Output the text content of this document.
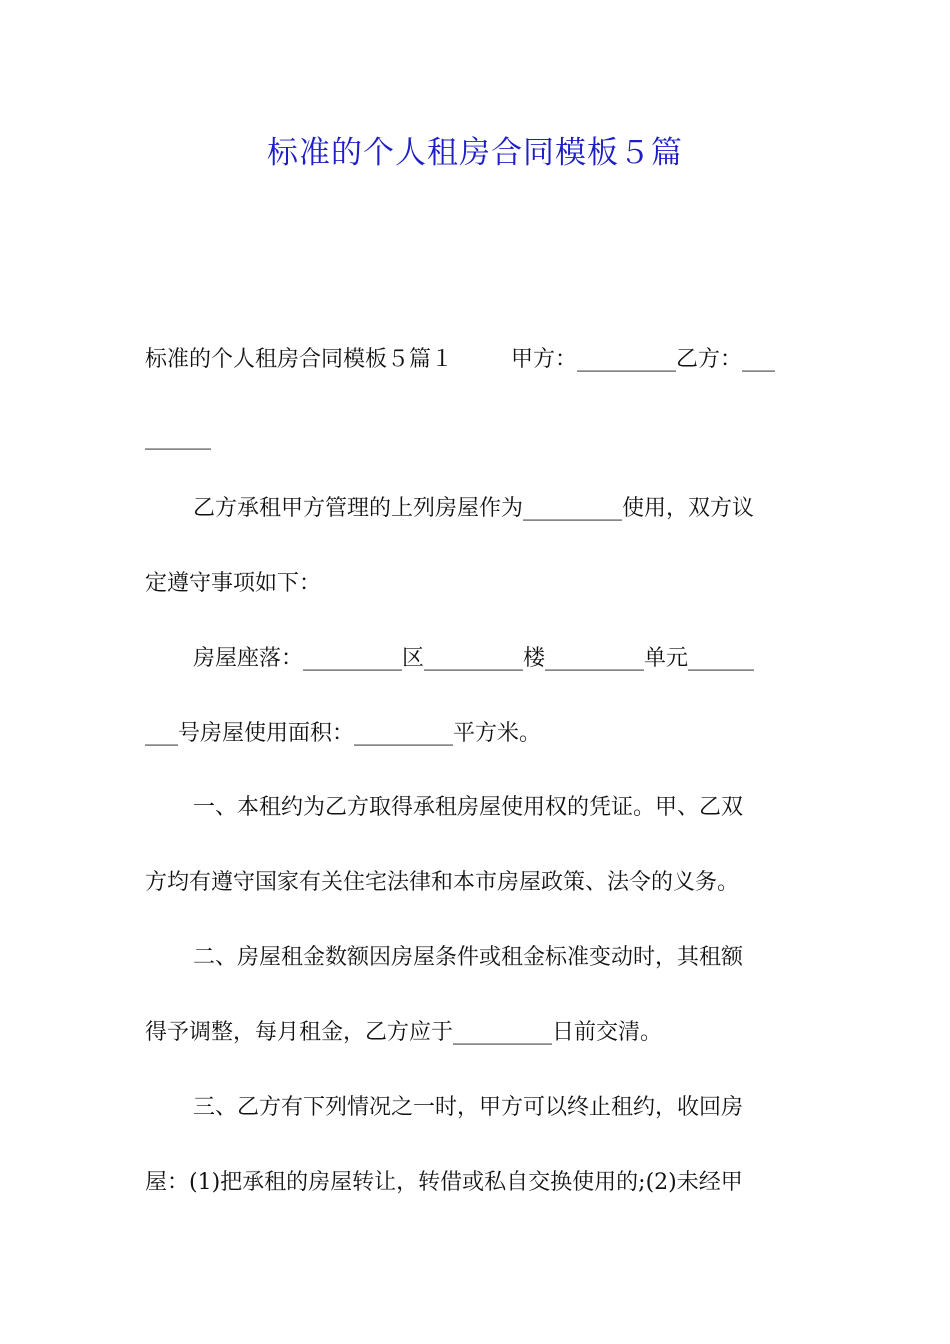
标准的个人租房合同模板５篇
标准的个人租房合同模板５篇１	甲方：_________乙方：___
______
乙方承租甲方管理的上列房屋作为_________使用，双方议
定遵守事项如下：
房屋座落：_________区_________楼_________单元______
___号房屋使用面积：_________平方米。
一、本租约为乙方取得承租房屋使用权的凭证。甲、乙双
方均有遵守国家有关住宅法律和本市房屋政策、法令的义务。
二、房屋租金数额因房屋条件或租金标准变动时，其租额
得予调整，每月租金，乙方应于_________日前交清。
三、乙方有下列情况之一时，甲方可以终止租约，收回房
屋：(1)把承租的房屋转让，转借或私自交换使用的;(2)未经甲
